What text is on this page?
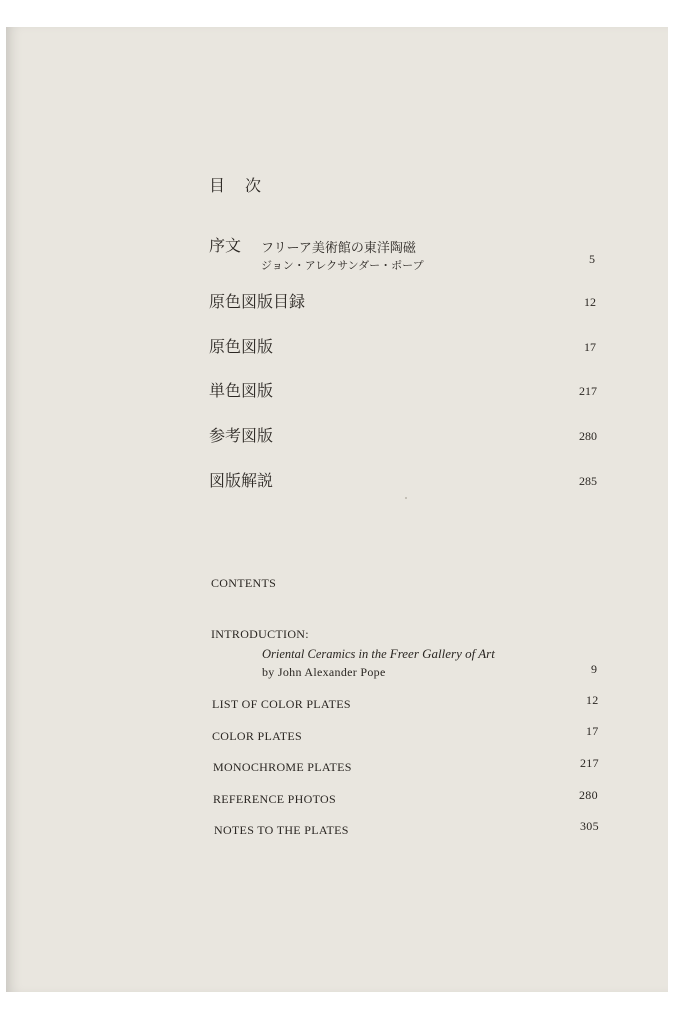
目　次
序文 フリーア美術館の東洋陶磁
ジョン・アレクサンダー・ポープ	5
原色図版目録	12
原色図版	17
単色図版	217
参考図版	280
図版解説	285
CONTENTS
INTRODUCTION:
Oriental Ceramics in the Freer Gallery of Art
by John Alexander Pope	9
LIST OF COLOR PLATES	12
COLOR PLATES	17
MONOCHROME PLATES	217
REFERENCE PHOTOS	280
NOTES TO THE PLATES	305
